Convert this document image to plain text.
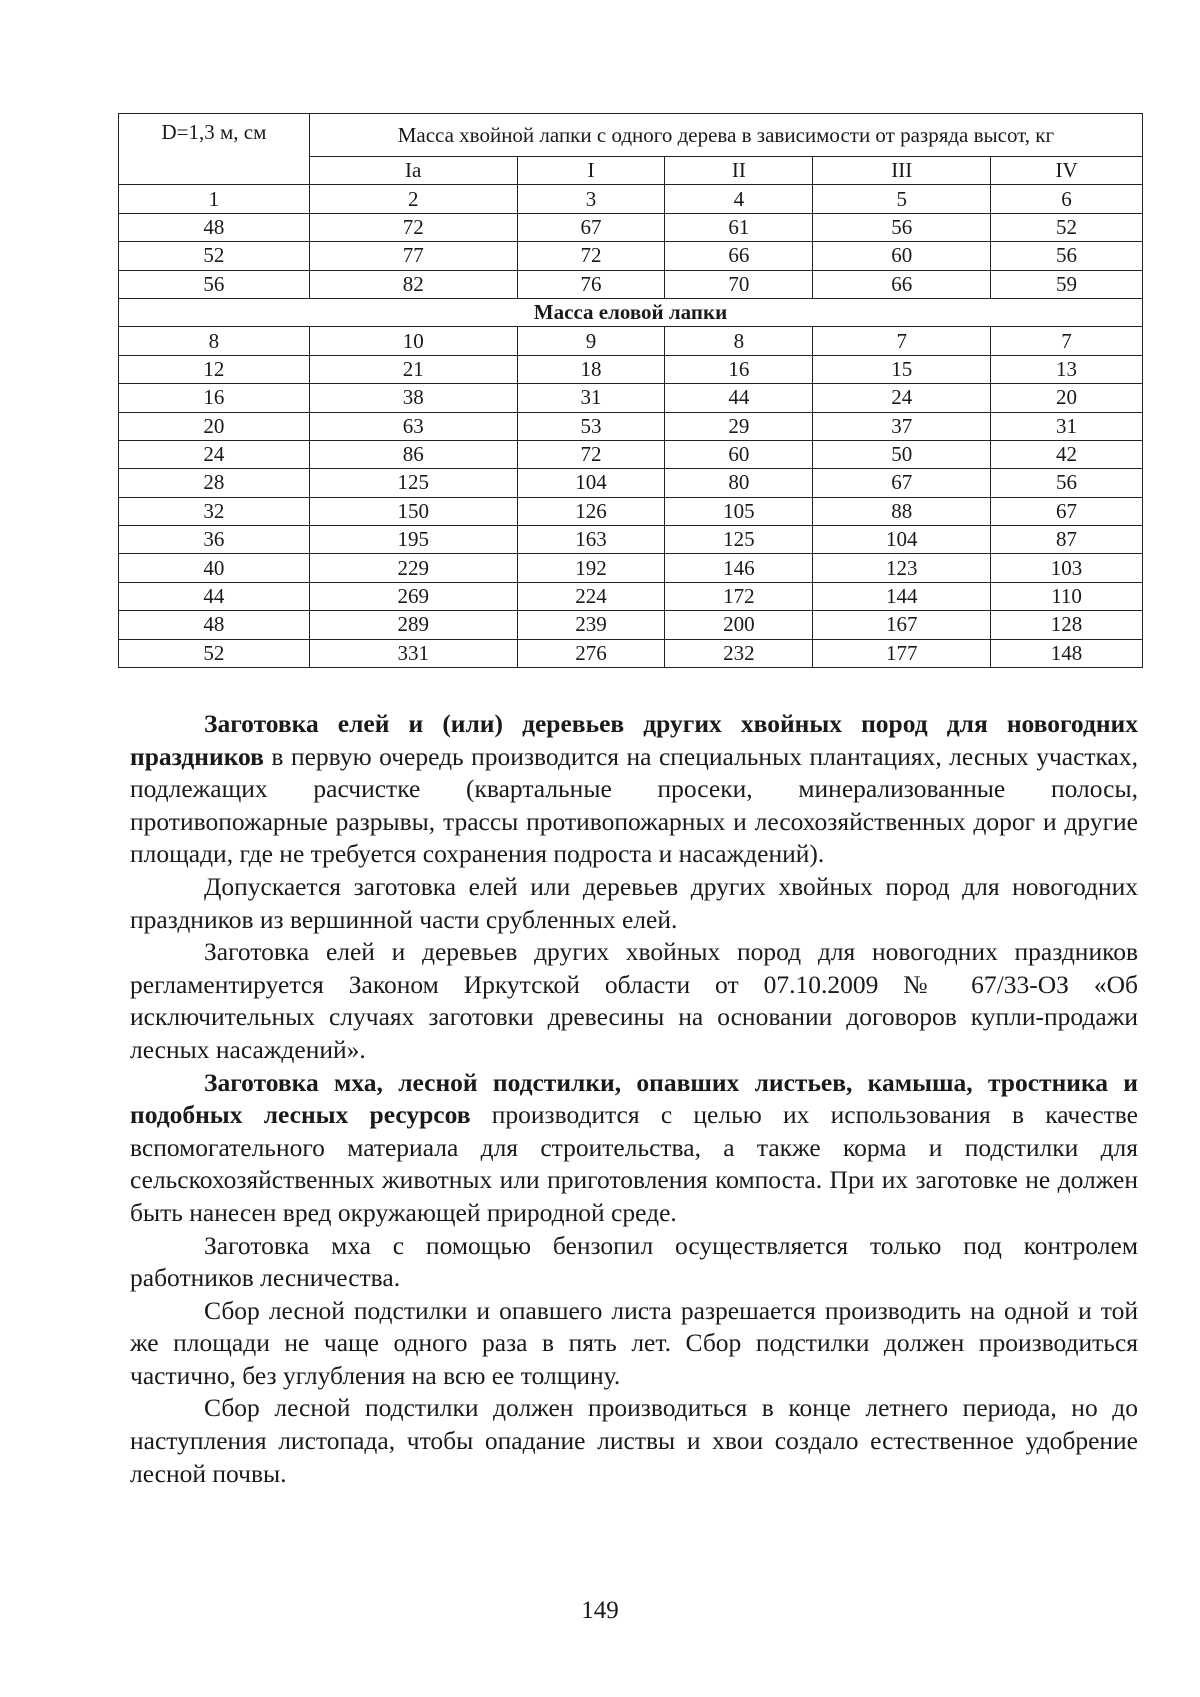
D=1,3 м, см	Масса хвойной лапки с одного дерева в зависимости от разряда высот, кг				
	Ia	I	II	III	IV
1	2	3	4	5	6
48	72	67	61	56	52
52	77	72	66	60	56
56	82	76	70	66	59
Масса еловой лапки					
8	10	9	8	7	7
12	21	18	16	15	13
16	38	31	44	24	20
20	63	53	29	37	31
24	86	72	60	50	42
28	125	104	80	67	56
32	150	126	105	88	67
36	195	163	125	104	87
40	229	192	146	123	103
44	269	224	172	144	110
48	289	239	200	167	128
52	331	276	232	177	148

Заготовка елей и (или) деревьев других хвойных пород для новогодних праздников в первую очередь производится на специальных плантациях, лесных участках, подлежащих расчистке (квартальные просеки, минерализованные полосы, противопожарные разрывы, трассы противопожарных и лесохозяйственных дорог и другие площади, где не требуется сохранения подроста и насаждений).

Допускается заготовка елей или деревьев других хвойных пород для новогодних праздников из вершинной части срубленных елей.

Заготовка елей и деревьев других хвойных пород для новогодних праздников регламентируется Законом Иркутской области от 07.10.2009 № 67/33-ОЗ «Об исключительных случаях заготовки древесины на основании договоров купли-продажи лесных насаждений».

Заготовка мха, лесной подстилки, опавших листьев, камыша, тростника и подобных лесных ресурсов производится с целью их использования в качестве вспомогательного материала для строительства, а также корма и подстилки для сельскохозяйственных животных или приготовления компоста. При их заготовке не должен быть нанесен вред окружающей природной среде.

Заготовка мха с помощью бензопил осуществляется только под контролем работников лесничества.

Сбор лесной подстилки и опавшего листа разрешается производить на одной и той же площади не чаще одного раза в пять лет. Сбор подстилки должен производиться частично, без углубления на всю ее толщину.

Сбор лесной подстилки должен производиться в конце летнего периода, но до наступления листопада, чтобы опадание листвы и хвои создало естественное удобрение лесной почвы.

149
